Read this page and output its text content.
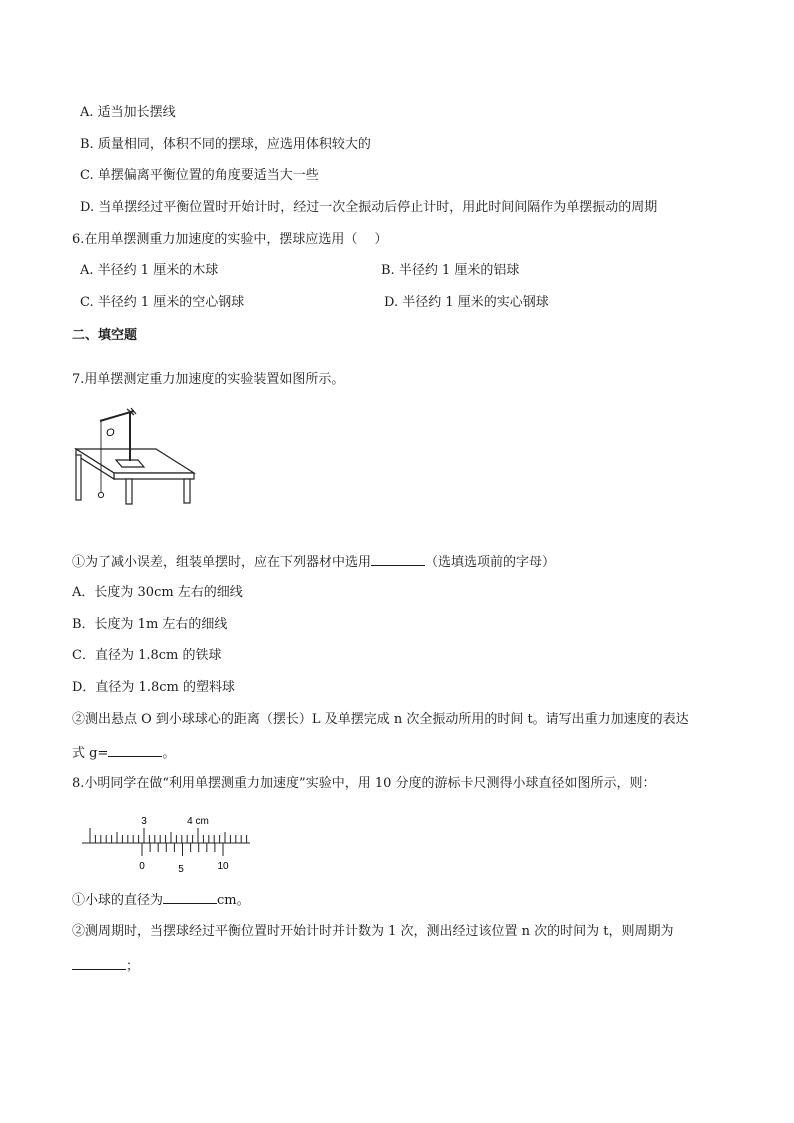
A. 适当加长摆线
B. 质量相同，体积不同的摆球，应选用体积较大的
C. 单摆偏离平衡位置的角度要适当大一些
D. 当单摆经过平衡位置时开始计时，经过一次全振动后停止计时，用此时间间隔作为单摆振动的周期
6.在用单摆测重力加速度的实验中，摆球应选用（　 ）
A. 半径约 1 厘米的木球	B. 半径约 1 厘米的铝球
C. 半径约 1 厘米的空心钢球	D. 半径约 1 厘米的实心钢球
二、填空题
7.用单摆测定重力加速度的实验装置如图所示。
O
①为了减小误差，组装单摆时，应在下列器材中选用	（选填选项前的字母）
A．长度为 30cm 左右的细线
B．长度为 1m 左右的细线
C．直径为 1.8cm 的铁球
D．直径为 1.8cm 的塑料球
②测出悬点 O 到小球球心的距离（摆长）L 及单摆完成 n 次全振动所用的时间 t。请写出重力加速度的表达
式 g=	。
8.小明同学在做“利用单摆测重力加速度”实验中，用 10 分度的游标卡尺测得小球直径如图所示，则：
3	4 cm
0	5	10
①小球的直径为	cm。
②测周期时，当摆球经过平衡位置时开始计时并计数为 1 次，测出经过该位置 n 次的时间为 t，则周期为
；
